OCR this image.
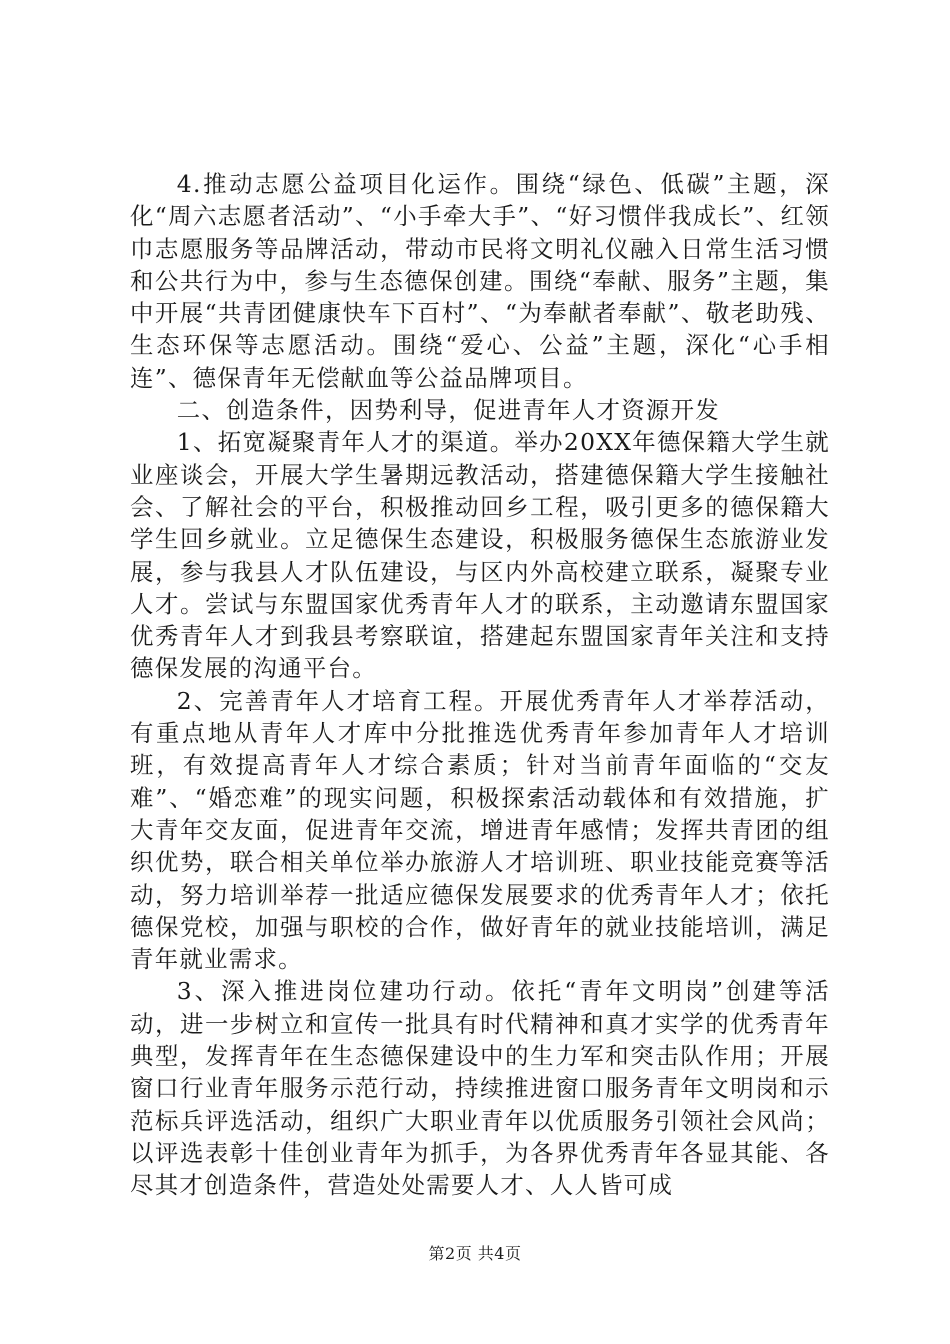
4.推动志愿公益项目化运作。围绕“绿色、低碳”主题，深化“周六志愿者活动”、“小手牵大手”、“好习惯伴我成长”、红领巾志愿服务等品牌活动，带动市民将文明礼仪融入日常生活习惯和公共行为中，参与生态德保创建。围绕“奉献、服务”主题，集中开展“共青团健康快车下百村”、“为奉献者奉献”、敬老助残、生态环保等志愿活动。围绕“爱心、公益”主题，深化“心手相连”、德保青年无偿献血等公益品牌项目。

二、创造条件，因势利导，促进青年人才资源开发

1、拓宽凝聚青年人才的渠道。举办20XX年德保籍大学生就业座谈会，开展大学生暑期远教活动，搭建德保籍大学生接触社会、了解社会的平台，积极推动回乡工程，吸引更多的德保籍大学生回乡就业。立足德保生态建设，积极服务德保生态旅游业发展，参与我县人才队伍建设，与区内外高校建立联系，凝聚专业人才。尝试与东盟国家优秀青年人才的联系，主动邀请东盟国家优秀青年人才到我县考察联谊，搭建起东盟国家青年关注和支持德保发展的沟通平台。

2、完善青年人才培育工程。开展优秀青年人才举荐活动，有重点地从青年人才库中分批推选优秀青年参加青年人才培训班，有效提高青年人才综合素质；针对当前青年面临的“交友难”、“婚恋难”的现实问题，积极探索活动载体和有效措施，扩大青年交友面，促进青年交流，增进青年感情；发挥共青团的组织优势，联合相关单位举办旅游人才培训班、职业技能竞赛等活动，努力培训举荐一批适应德保发展要求的优秀青年人才；依托德保党校，加强与职校的合作，做好青年的就业技能培训，满足青年就业需求。

3、深入推进岗位建功行动。依托“青年文明岗”创建等活动，进一步树立和宣传一批具有时代精神和真才实学的优秀青年典型，发挥青年在生态德保建设中的生力军和突击队作用；开展窗口行业青年服务示范行动，持续推进窗口服务青年文明岗和示范标兵评选活动，组织广大职业青年以优质服务引领社会风尚；以评选表彰十佳创业青年为抓手，为各界优秀青年各显其能、各尽其才创造条件，营造处处需要人才、人人皆可成

第2页 共4页
